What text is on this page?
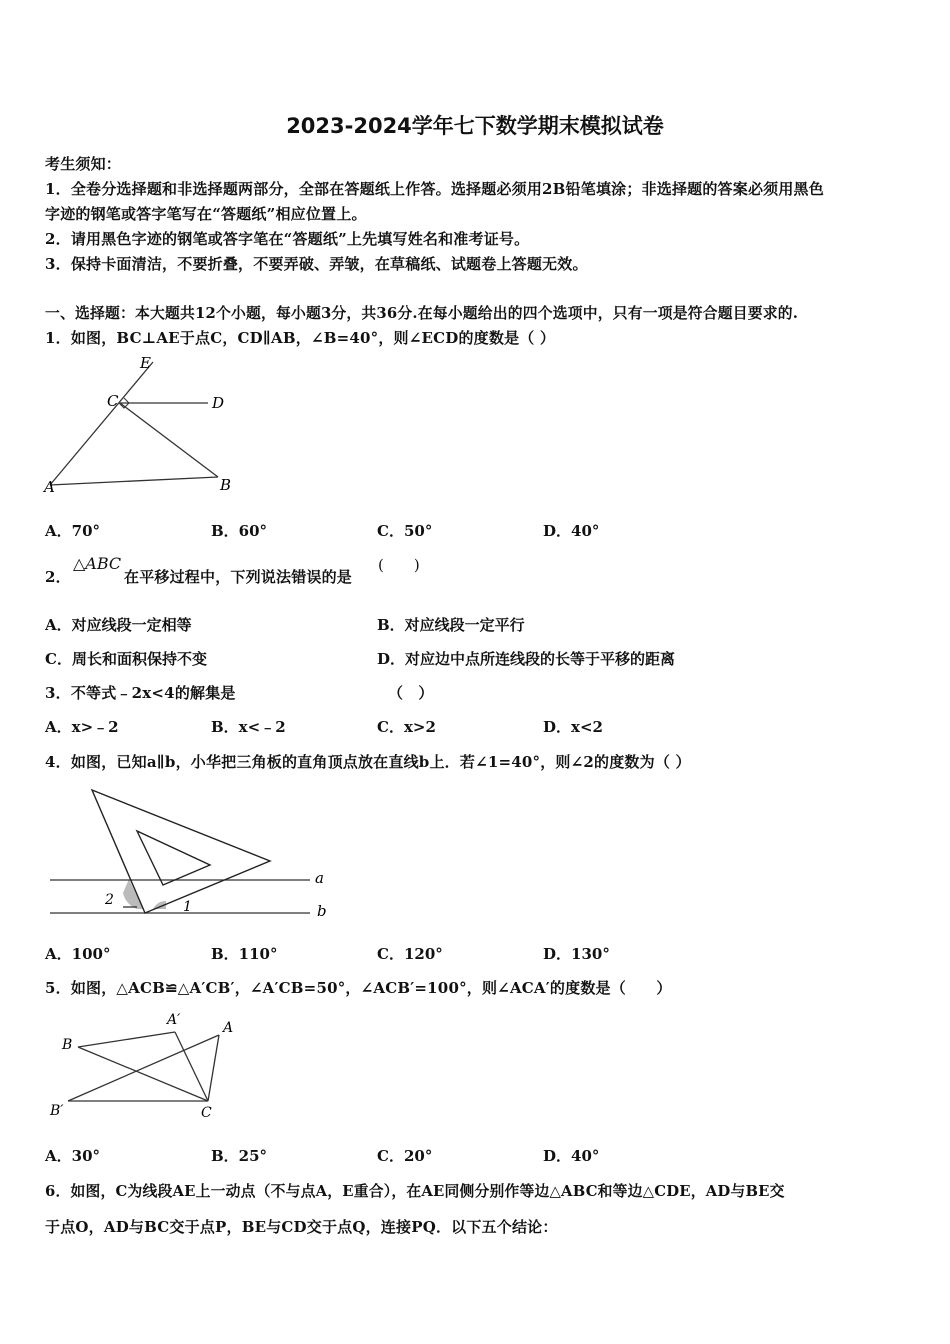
2023-2024学年七下数学期末模拟试卷
考生须知：
1．全卷分选择题和非选择题两部分，全部在答题纸上作答。选择题必须用2B铅笔填涂；非选择题的答案必须用黑色
字迹的钢笔或答字笔写在“答题纸”相应位置上。
2．请用黑色字迹的钢笔或答字笔在“答题纸”上先填写姓名和准考证号。
3．保持卡面清洁，不要折叠，不要弄破、弄皱，在草稿纸、试题卷上答题无效。
一、选择题：本大题共12个小题，每小题3分，共36分.在每小题给出的四个选项中，只有一项是符合题目要求的.
1．如图，BC⊥AE于点C，CD∥AB，∠B=40°，则∠ECD的度数是（ ）
E
C	D
A	B
A．70°	B．60°	C．50°	D．40°
2．
△ABC
在平移过程中，下列说法错误的是
(　　)
A．对应线段一定相等	B．对应线段一定平行
C．周长和面积保持不变	D．对应边中点所连线段的长等于平移的距离
3．不等式﹣2x<4的解集是	（　）
A．x>﹣2	B．x<﹣2	C．x>2	D．x<2
4．如图，已知a∥b，小华把三角板的直角顶点放在直线b上．若∠1=40°，则∠2的度数为（ ）
a
b
1
2
A．100°	B．110°	C．120°	D．130°
5．如图，△ACB≌△A′CB′，∠A′CB=50°，∠ACB′=100°，则∠ACA′的度数是（　　）
A′	A
B
B′	C
A．30°	B．25°	C．20°	D．40°
6．如图，C为线段AE上一动点（不与点A，E重合），在AE同侧分别作等边△ABC和等边△CDE，AD与BE交
于点O，AD与BC交于点P，BE与CD交于点Q，连接PQ．以下五个结论：
